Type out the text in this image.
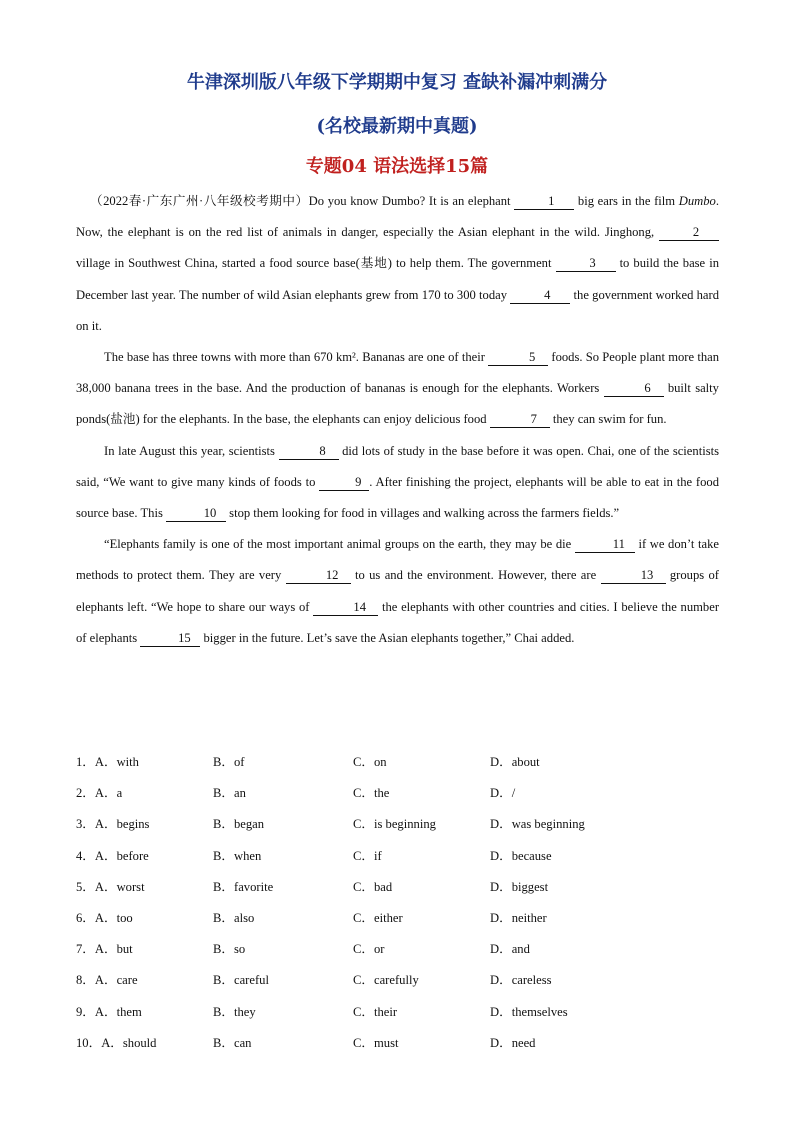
牛津深圳版八年级下学期期中复习 查缺补漏冲刺满分
(名校最新期中真题)
专题04 语法选择15篇

（2022春·广东广州·八年级校考期中）Do you know Dumbo? It is an elephant	1 big ears in the film Dumbo. Now, the elephant is on the red list of animals in danger, especially the Asian elephant in the wild. Jinghong,	2 village in Southwest China, started a food source base(基地) to help them. The government	3 to build the base in December last year. The number of wild Asian elephants grew from 170 to 300 today	4 the government worked hard on it.

The base has three towns with more than 670 km². Bananas are one of their	5 foods. So People plant more than 38,000 banana trees in the base. And the production of bananas is enough for the elephants. Workers	6 built salty ponds(盐池) for the elephants. In the base, the elephants can enjoy delicious food	7 they can swim for fun.

In late August this year, scientists	8 did lots of study in the base before it was open. Chai, one of the scientists said, “We want to give many kinds of foods to	9 . After finishing the project, elephants will be able to eat in the food source base. This	10 stop them looking for food in villages and walking across the farmers fields.”

“Elephants family is one of the most important animal groups on the earth, they may be die	11 if we don’t take methods to protect them. They are very	12 to us and the environment. However, there are	13 groups of elephants left. “We hope to share our ways of	14 the elephants with other countries and cities. I believe the number of elephants	15 bigger in the future. Let’s save the Asian elephants together,” Chai added.

1．A．with	B．of	C．on	D．about
2．A．a	B．an	C．the	D．/
3．A．begins	B．began	C．is beginning	D．was beginning
4．A．before	B．when	C．if	D．because
5．A．worst	B．favorite	C．bad	D．biggest
6．A．too	B．also	C．either	D．neither
7．A．but	B．so	C．or	D．and
8．A．care	B．careful	C．carefully	D．careless
9．A．them	B．they	C．their	D．themselves
10．A．should	B．can	C．must	D．need
